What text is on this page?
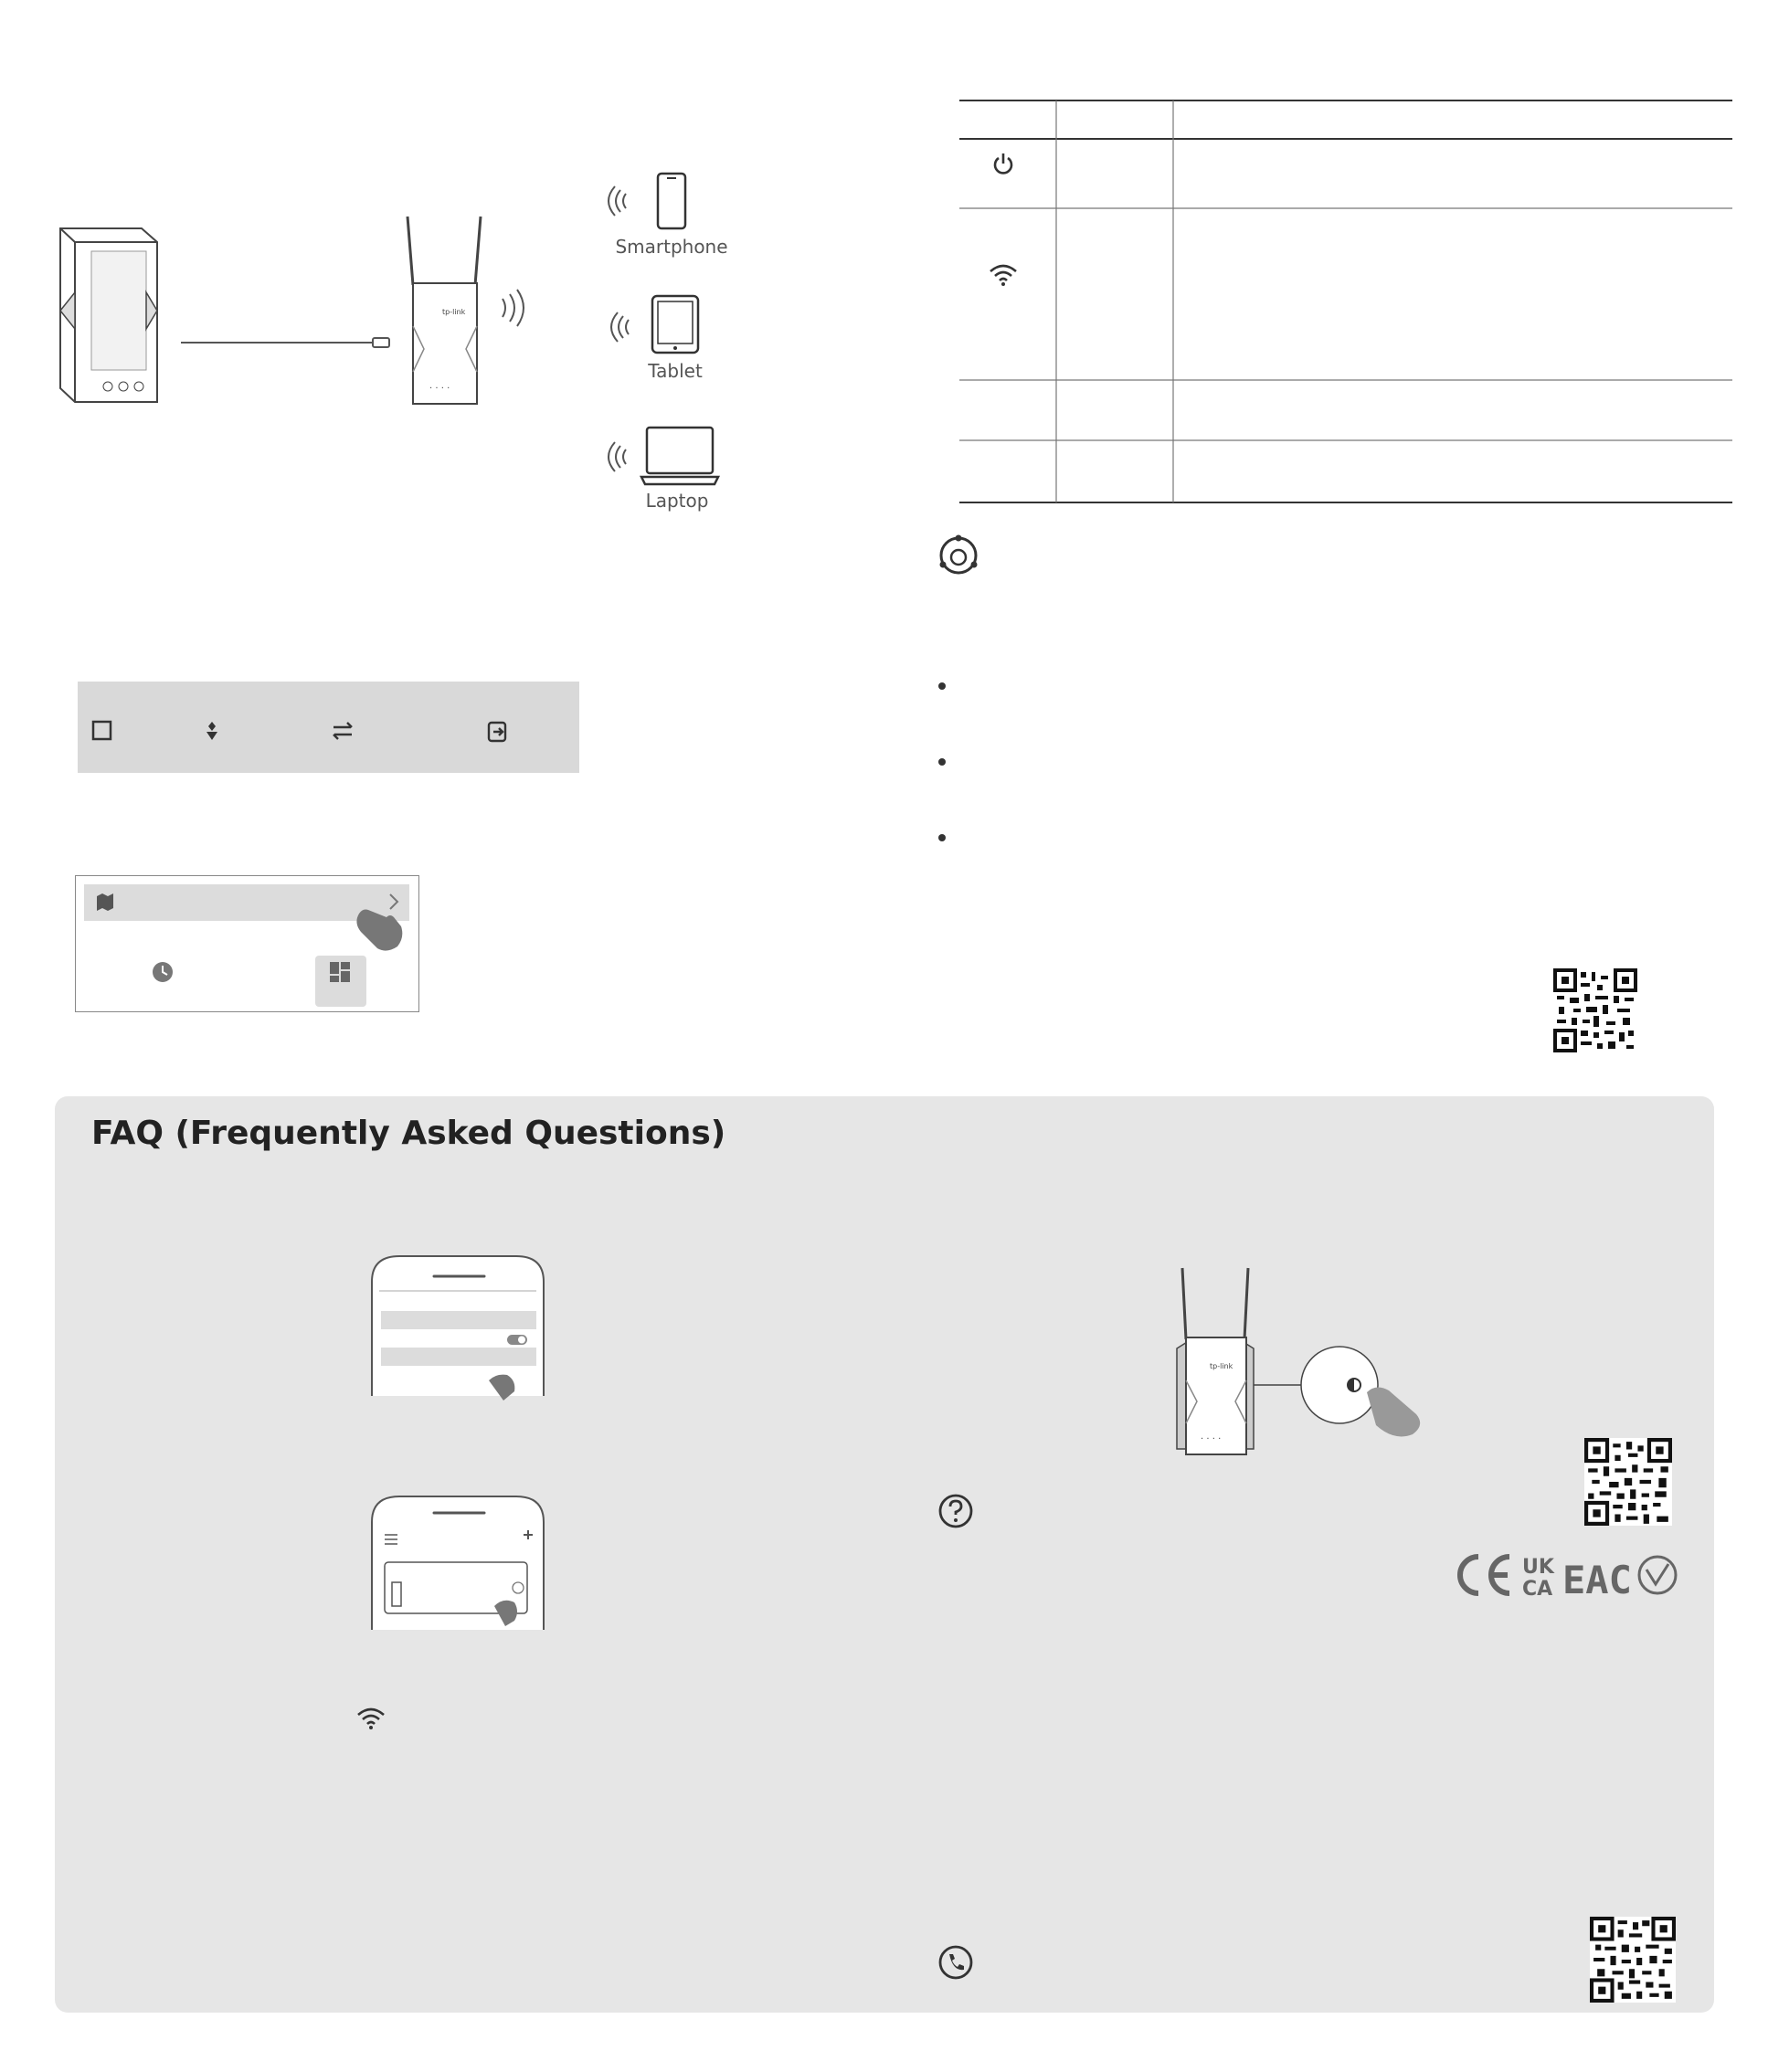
tp-link
· · · ·
Smartphone
Tablet
Laptop
FAQ (Frequently Asked Questions)
tp-link
· · · ·
UK
CA EAC
